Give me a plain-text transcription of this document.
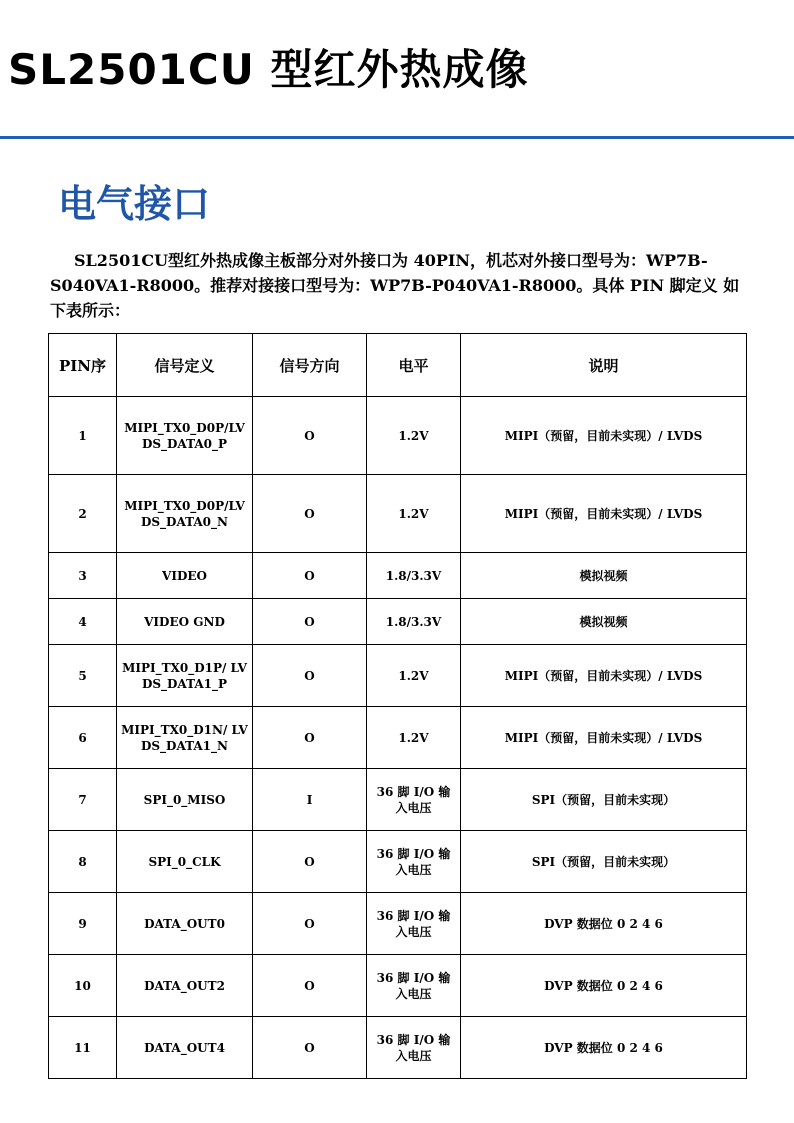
SL2501CU 型红外热成像
电气接口

SL2501CU型红外热成像主板部分对外接口为 40PIN，机芯对外接口型号为：WP7B-S040VA1-R8000。推荐对接接口型号为：WP7B-P040VA1-R8000。具体 PIN 脚定义 如下表所示：

PIN序	信号定义	信号方向	电平	说明
1	MIPI_TX0_D0P/LVDS_DATA0_P	O	1.2V	MIPI（预留，目前未实现）/ LVDS
2	MIPI_TX0_D0P/LVDS_DATA0_N	O	1.2V	MIPI（预留，目前未实现）/ LVDS
3	VIDEO	O	1.8/3.3V	模拟视频
4	VIDEO GND	O	1.8/3.3V	模拟视频
5	MIPI_TX0_D1P/ LVDS_DATA1_P	O	1.2V	MIPI（预留，目前未实现）/ LVDS
6	MIPI_TX0_D1N/ LVDS_DATA1_N	O	1.2V	MIPI（预留，目前未实现）/ LVDS
7	SPI_0_MISO	I	36 脚 I/O 输入电压	SPI（预留，目前未实现）
8	SPI_0_CLK	O	36 脚 I/O 输入电压	SPI（预留，目前未实现）
9	DATA_OUT0	O	36 脚 I/O 输入电压	DVP 数据位 0 2 4 6
10	DATA_OUT2	O	36 脚 I/O 输入电压	DVP 数据位 0 2 4 6
11	DATA_OUT4	O	36 脚 I/O 输入电压	DVP 数据位 0 2 4 6
